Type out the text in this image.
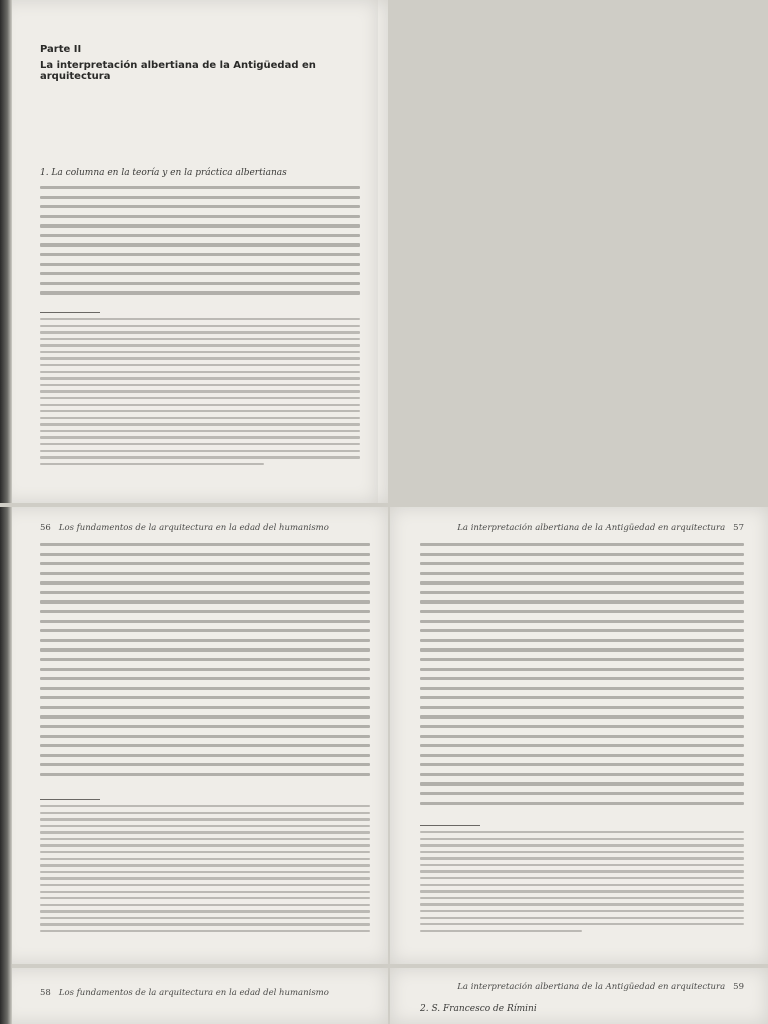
Parte II
La interpretación albertiana de la Antigüedad en arquitectura
1. La columna en la teoría y en la práctica albertianas
56 Los fundamentos de la arquitectura en la edad del humanismo	La interpretación albertiana de la Antigüedad en arquitectura 57
58 Los fundamentos de la arquitectura en la edad del humanismo
La interpretación albertiana de la Antigüedad en arquitectura 59
2. S. Francesco de Rímini
